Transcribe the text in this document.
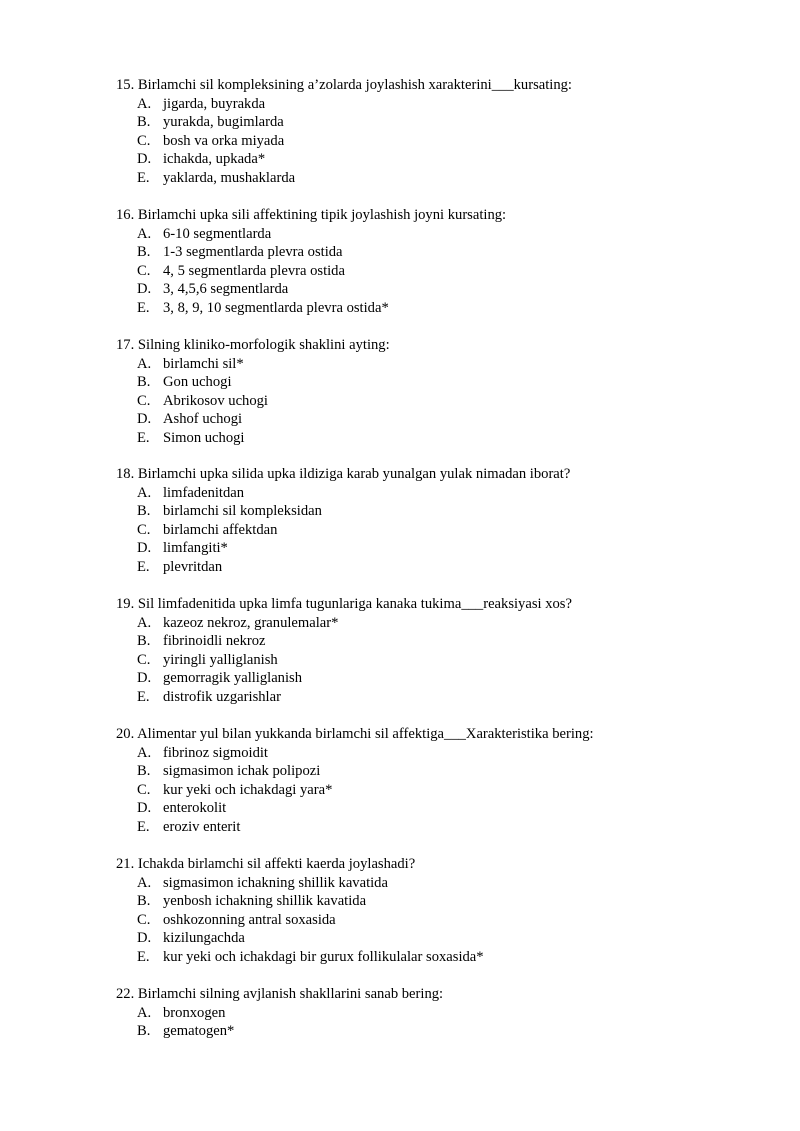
15. Birlamchi sil kompleksining a’zolarda joylashish xarakterini___kursating:
A. jigarda, buyrakda
B. yurakda, bugimlarda
C. bosh va orka miyada
D. ichakda, upkada*
E. yaklarda, mushaklarda
16. Birlamchi upka sili affektining tipik joylashish joyni kursating:
A. 6-10 segmentlarda
B. 1-3 segmentlarda plevra ostida
C. 4, 5 segmentlarda plevra ostida
D. 3, 4,5,6 segmentlarda
E. 3, 8, 9, 10 segmentlarda plevra ostida*
17. Silning kliniko-morfologik shaklini ayting:
A. birlamchi sil*
B. Gon uchogi
C. Abrikosov uchogi
D. Ashof uchogi
E. Simon uchogi
18. Birlamchi upka silida upka ildiziga karab yunalgan yulak nimadan iborat?
A. limfadenitdan
B. birlamchi sil kompleksidan
C. birlamchi affektdan
D. limfangiti*
E. plevritdan
19. Sil limfadenitida upka limfa tugunlariga kanaka tukima___reaksiyasi xos?
A. kazeoz nekroz, granulemalar*
B. fibrinoidli nekroz
C. yiringli yalliglanish
D. gemorragik yalliglanish
E. distrofik uzgarishlar
20. Alimentar yul bilan yukkanda birlamchi sil affektiga___Xarakteristika bering:
A. fibrinoz sigmoidit
B. sigmasimon ichak polipozi
C. kur yeki och ichakdagi yara*
D. enterokolit
E. eroziv enterit
21. Ichakda birlamchi sil affekti kaerda joylashadi?
A. sigmasimon ichakning shillik kavatida
B. yenbosh ichakning shillik kavatida
C. oshkozonning antral soxasida
D. kizilungachda
E. kur yeki och ichakdagi bir gurux follikulalar soxasida*
22. Birlamchi silning avjlanish shakllarini sanab bering:
A. bronxogen
B. gematogen*
